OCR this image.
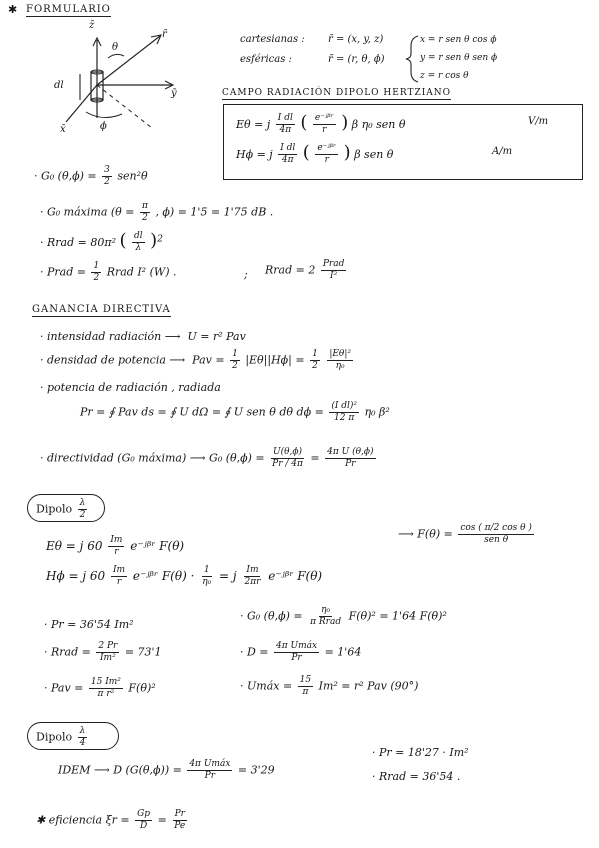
✱ FORMULARIO
z̄
ȳ
x̄
r̄
θ
ϕ
dl
cartesianas : r̄ = (x, y, z)
esféricas :	r̄ = (r, θ, ϕ)
x = r sen θ cos ϕ
y = r sen θ sen ϕ
z = r cos θ
CAMPO RADIACIÓN DIPOLO HERTZIANO
Eθ = j $\frac{\text{I dl}}{4\pi}$ ( $\frac{\text{e⁻ʲᵝʳ}}{r}$ ) β η₀ sen θ	V/m
Hϕ = j $\frac{\text{I dl}}{4\pi}$ ( $\frac{\text{e⁻ʲᵝʳ}}{r}$ ) β sen θ	A/m
· G₀ $(\theta,\phi) = \frac{3}{2} sen^2\theta$
· G₀ máxima ($\theta = \frac{\pi}{2}$ , ϕ) = 1'5 = 1'75 dB .
· Rrad = 80π² ( $\frac{dl}{\lambda} )^2$
· Prad = $\frac{1}{2}$ Rrad I² (W) .	; Rrad = $2 \frac{\text{Prad}}{\text{I²}}$
GANANCIA DIRECTIVA
· intensidad radiación ⟶ U = r² Pav
· densidad de potencia ⟶ Pav = $\frac{1}{2} |E\theta||H\phi| = \frac{1}{2}$
$\frac{\text{|Eθ|²}}{\text{η₀}}$
· potencia de radiación , radiada
Pr = ∮ Pav ds = ∮ U dΩ = ∮ U sen θ dθ $d\phi = \frac{\text{(I dl)²}}{12 \pi} \eta_0$ β²
· directividad (G₀ máxima) ⟶ G₀ $(\theta,\phi) = \frac{U(\theta,\phi)}{Pr / 4\pi} = \frac{\text{4π U (θ,ϕ)}}{Pr}$
Dipolo $\frac{\lambda}{2}$
Eθ = j $60 \frac{Im}{r}$ e⁻ʲᵝʳ F(θ)
⟶ $F(\theta) = \frac{\text{cos ( π/2 cos θ )}}{\text{sen θ}}$
Hϕ = j $60 \frac{Im}{r}$ e⁻ʲᵝʳ $F(\theta) \cdot \frac{1}{\text{η₀}} = j \frac{Im}{2\pi r}$ e⁻ʲᵝʳ F(θ)
· Pr = 36'54 Im²
· G₀ $(\theta,\phi) = \frac{\text{η₀}}{\text{π Rrad}} F(\theta)^2 = 1'64$ F(θ)²
· Rrad = $\frac{2 Pr}{\text{Im²}} = 73'1$	· $D = \frac{\text{4π Umáx}}{Pr} = 1'64$
· Pav = $\frac{\text{15 Im²}}{\text{π r²}} F(\theta)^2$	· Umáx = $\frac{15}{\pi} Im^2 = r^2$ Pav (90°)
Dipolo $\frac{\lambda}{4}$
IDEM ⟶ D $(G(\theta,\phi)) = \frac{\text{4π Umáx}}{Pr} = 3'29$
· Pr = 18'27 · Im²
· Rrad = 36'54 .
✱ eficiencia $\xi r = \frac{Gp}{D} = \frac{Pr}{Pe}$
